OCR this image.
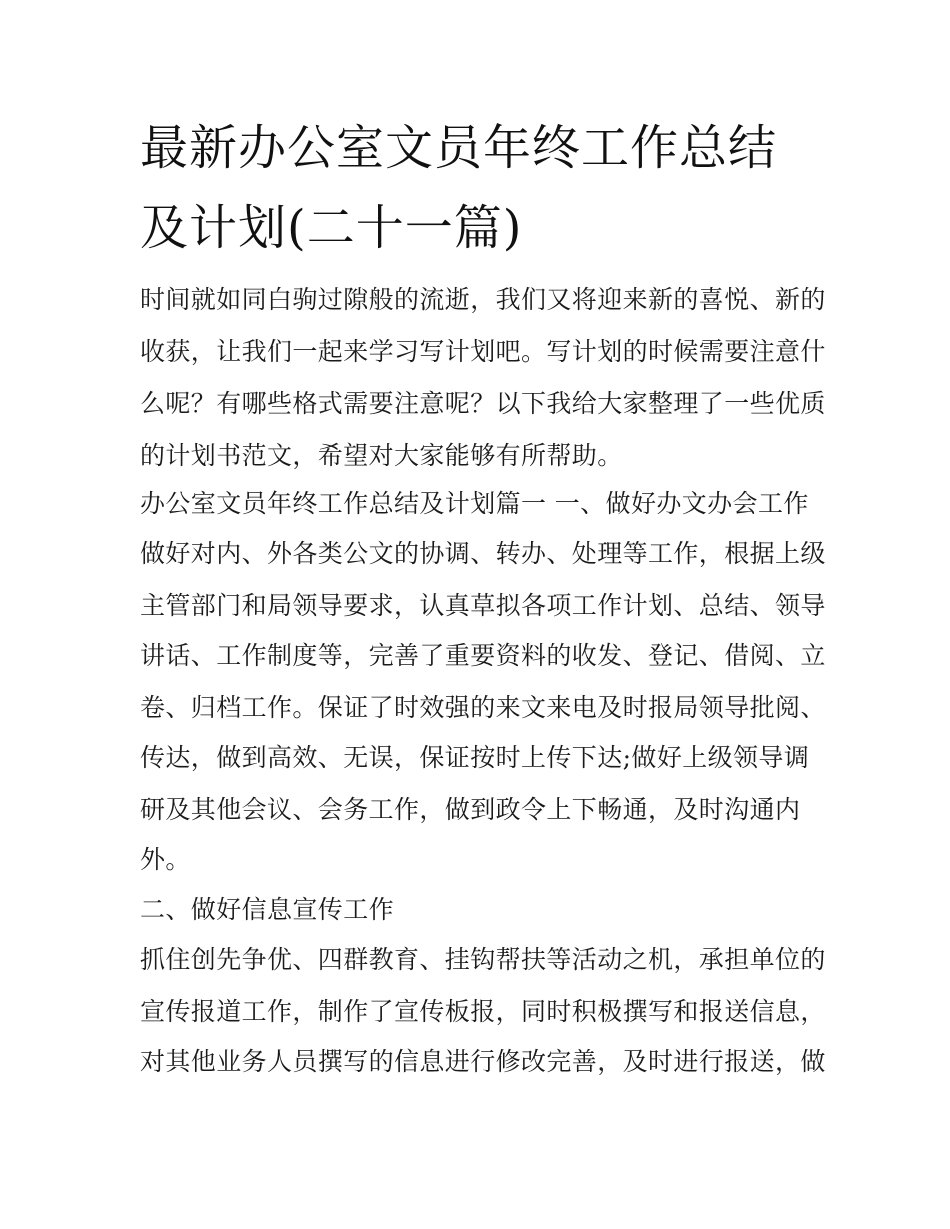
最新办公室文员年终工作总结
及计划(二十一篇)
时间就如同白驹过隙般的流逝，我们又将迎来新的喜悦、新的
收获，让我们一起来学习写计划吧。写计划的时候需要注意什
么呢？有哪些格式需要注意呢？以下我给大家整理了一些优质
的计划书范文，希望对大家能够有所帮助。
办公室文员年终工作总结及计划篇一 一、做好办文办会工作
做好对内、外各类公文的协调、转办、处理等工作，根据上级
主管部门和局领导要求，认真草拟各项工作计划、总结、领导
讲话、工作制度等，完善了重要资料的收发、登记、借阅、立
卷、归档工作。保证了时效强的来文来电及时报局领导批阅、
传达，做到高效、无误，保证按时上传下达;做好上级领导调
研及其他会议、会务工作，做到政令上下畅通，及时沟通内
外。
二、做好信息宣传工作
抓住创先争优、四群教育、挂钩帮扶等活动之机，承担单位的
宣传报道工作，制作了宣传板报，同时积极撰写和报送信息，
对其他业务人员撰写的信息进行修改完善，及时进行报送，做
